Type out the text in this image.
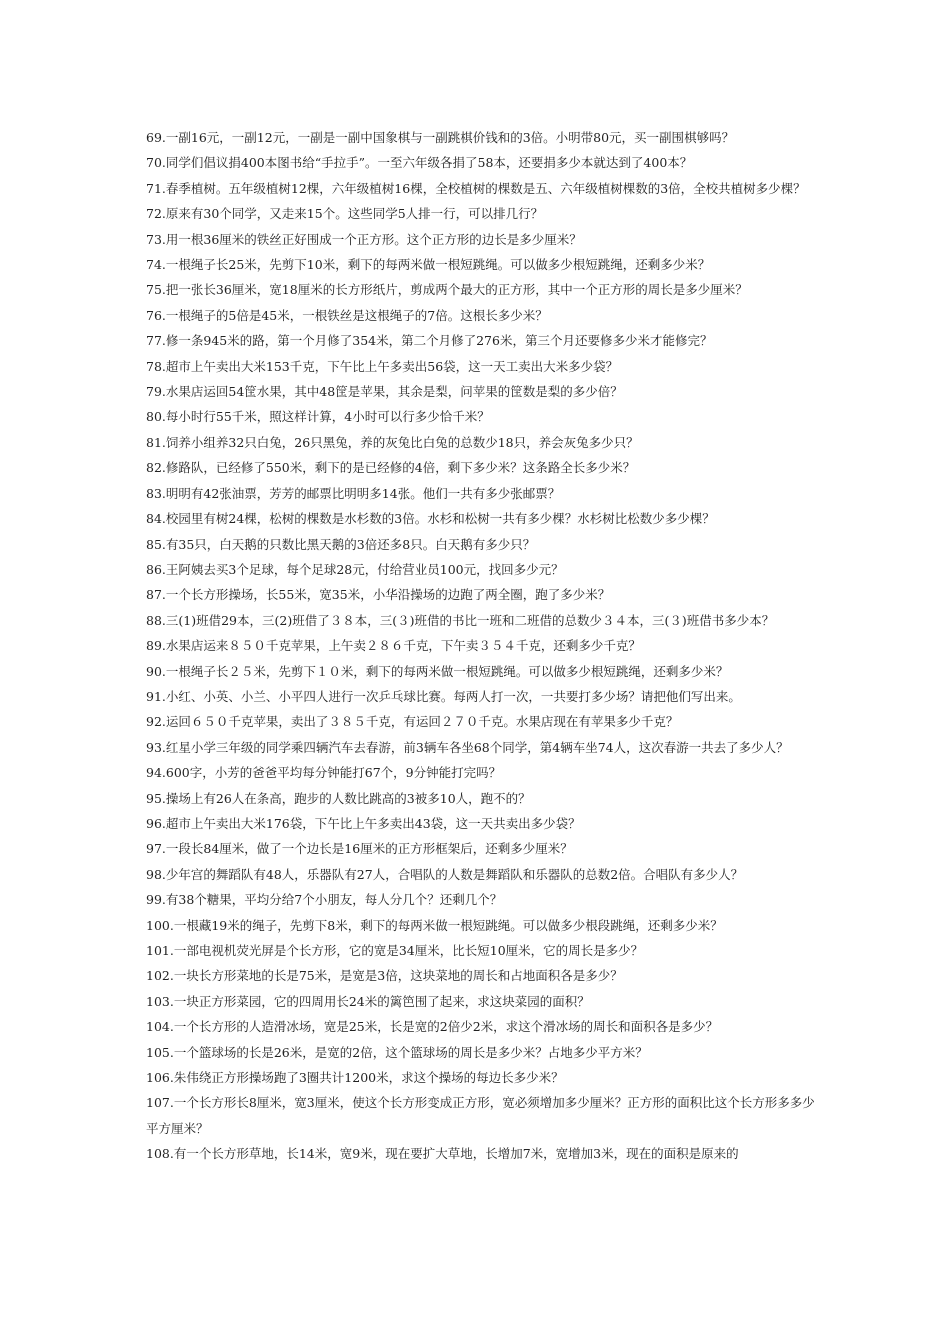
69.一副16元，一副12元，一副是一副中国象棋与一副跳棋价钱和的3倍。小明带80元，买一副围棋够吗？
70.同学们倡议捐400本图书给“手拉手”。一至六年级各捐了58本，还要捐多少本就达到了400本？
71.春季植树。五年级植树12棵，六年级植树16棵，全校植树的棵数是五、六年级植树棵数的3倍，全校共植树多少棵？
72.原来有30个同学，又走来15个。这些同学5人排一行，可以排几行？
73.用一根36厘米的铁丝正好围成一个正方形。这个正方形的边长是多少厘米？
74.一根绳子长25米，先剪下10米，剩下的每两米做一根短跳绳。可以做多少根短跳绳，还剩多少米？
75.把一张长36厘米，宽18厘米的长方形纸片，剪成两个最大的正方形，其中一个正方形的周长是多少厘米？
76.一根绳子的5倍是45米，一根铁丝是这根绳子的7倍。这根长多少米？
77.修一条945米的路，第一个月修了354米，第二个月修了276米，第三个月还要修多少米才能修完？
78.超市上午卖出大米153千克，下午比上午多卖出56袋，这一天工卖出大米多少袋？
79.水果店运回54筐水果，其中48筐是苹果，其余是梨，问苹果的筐数是梨的多少倍？
80.每小时行55千米，照这样计算，4小时可以行多少恰千米？
81.饲养小组养32只白兔，26只黑兔，养的灰兔比白兔的总数少18只，养会灰兔多少只？
82.修路队，已经修了550米，剩下的是已经修的4倍，剩下多少米？这条路全长多少米？
83.明明有42张油票，芳芳的邮票比明明多14张。他们一共有多少张邮票？
84.校园里有树24棵，松树的棵数是水杉数的3倍。水杉和松树一共有多少棵？水杉树比松数少多少棵？
85.有35只，白天鹅的只数比黑天鹅的3倍还多8只。白天鹅有多少只？
86.王阿姨去买3个足球，每个足球28元，付给营业员100元，找回多少元？
87.一个长方形操场，长55米，宽35米，小华沿操场的边跑了两全圈，跑了多少米？
88.三(1)班借29本，三(2)班借了３８本，三(３)班借的书比一班和二班借的总数少３４本，三(３)班借书多少本？
89.水果店运来８５０千克苹果，上午卖２８６千克，下午卖３５４千克，还剩多少千克？
90.一根绳子长２５米，先剪下１０米，剩下的每两米做一根短跳绳。可以做多少根短跳绳，还剩多少米？
91.小红、小英、小兰、小平四人进行一次乒乓球比赛。每两人打一次，一共要打多少场？请把他们写出来。
92.运回６５０千克苹果，卖出了３８５千克，有运回２７０千克。水果店现在有苹果多少千克？
93.红星小学三年级的同学乘四辆汽车去春游，前3辆车各坐68个同学，第4辆车坐74人，这次春游一共去了多少人？
94.600字，小芳的爸爸平均每分钟能打67个，9分钟能打完吗？
95.操场上有26人在条高，跑步的人数比跳高的3被多10人，跑不的？
96.超市上午卖出大米176袋，下午比上午多卖出43袋，这一天共卖出多少袋？
97.一段长84厘米，做了一个边长是16厘米的正方形框架后，还剩多少厘米？
98.少年宫的舞蹈队有48人，乐器队有27人，合唱队的人数是舞蹈队和乐器队的总数2倍。合唱队有多少人？
99.有38个糖果，平均分给7个小朋友，每人分几个？还剩几个？
100.一根藏19米的绳子，先剪下8米，剩下的每两米做一根短跳绳。可以做多少根段跳绳，还剩多少米？
101.一部电视机荧光屏是个长方形，它的宽是34厘米，比长短10厘米，它的周长是多少？
102.一块长方形菜地的长是75米，是宽是3倍，这块菜地的周长和占地面积各是多少？
103.一块正方形菜园，它的四周用长24米的篱笆围了起来，求这块菜园的面积？
104.一个长方形的人造滑冰场，宽是25米，长是宽的2倍少2米，求这个滑冰场的周长和面积各是多少？
105.一个篮球场的长是26米，是宽的2倍，这个篮球场的周长是多少米？占地多少平方米？
106.朱伟绕正方形操场跑了3圈共计1200米，求这个操场的每边长多少米？
107.一个长方形长8厘米，宽3厘米，使这个长方形变成正方形，宽必须增加多少厘米？正方形的面积比这个长方形多多少平方厘米？
108.有一个长方形草地，长14米，宽9米，现在要扩大草地，长增加7米，宽增加3米，现在的面积是原来的
